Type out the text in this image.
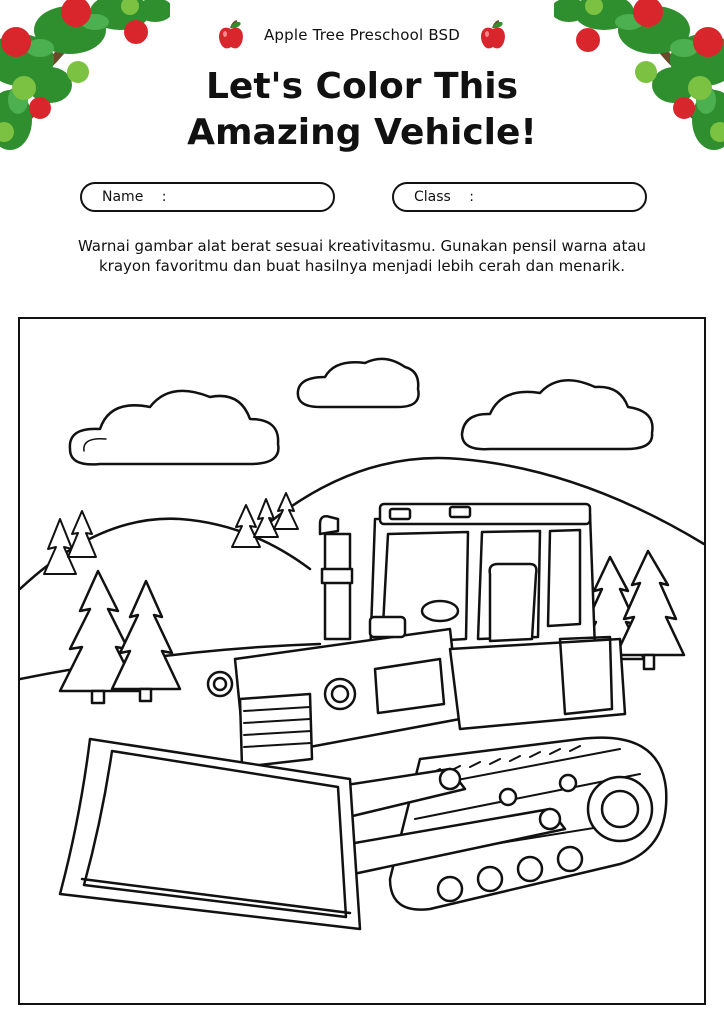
Apple Tree Preschool BSD
Let's Color This
Amazing Vehicle!
Name :	Class :
Warnai gambar alat berat sesuai kreativitasmu. Gunakan pensil warna atau
krayon favoritmu dan buat hasilnya menjadi lebih cerah dan menarik.
